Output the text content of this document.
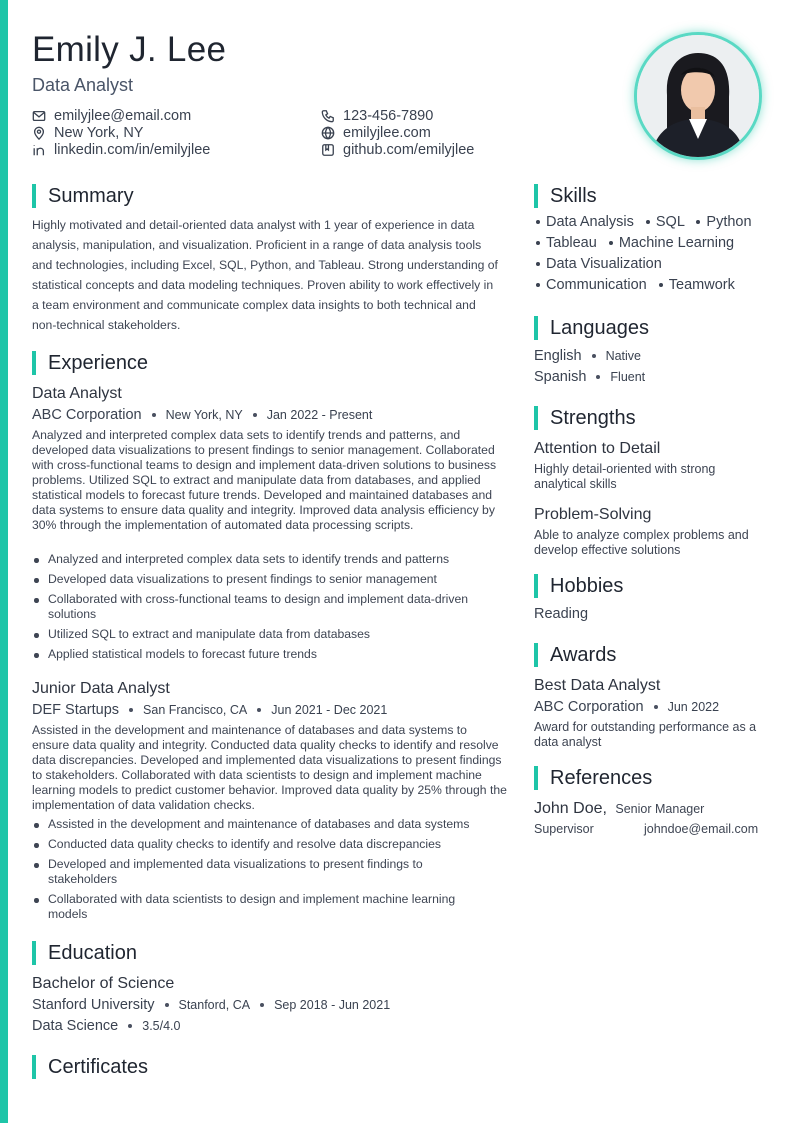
Emily J. Lee
Data Analyst
emilyjlee@email.com	123-456-7890
New York, NY	emilyjlee.com
linkedin.com/in/emilyjlee	github.com/emilyjlee
Summary
Highly motivated and detail-oriented data analyst with 1 year of experience in data analysis, manipulation, and visualization. Proficient in a range of data analysis tools and technologies, including Excel, SQL, Python, and Tableau. Strong understanding of statistical concepts and data modeling techniques. Proven ability to work effectively in a team environment and communicate complex data insights to both technical and non-technical stakeholders.
Experience
Data Analyst
ABC Corporation New York, NY Jan 2022 - Present
Analyzed and interpreted complex data sets to identify trends and patterns, and developed data visualizations to present findings to senior management. Collaborated with cross-functional teams to design and implement data-driven solutions to business problems. Utilized SQL to extract and manipulate data from databases, and applied statistical models to forecast future trends. Developed and maintained databases and data systems to ensure data quality and integrity. Improved data analysis efficiency by 30% through the implementation of automated data processing scripts.
Analyzed and interpreted complex data sets to identify trends and patterns
Developed data visualizations to present findings to senior management
Collaborated with cross-functional teams to design and implement data-driven solutions
Utilized SQL to extract and manipulate data from databases
Applied statistical models to forecast future trends
Junior Data Analyst
DEF Startups San Francisco, CA Jun 2021 - Dec 2021
Assisted in the development and maintenance of databases and data systems to ensure data quality and integrity. Conducted data quality checks to identify and resolve data discrepancies. Developed and implemented data visualizations to present findings to stakeholders. Collaborated with data scientists to design and implement machine learning models to predict customer behavior. Improved data quality by 25% through the implementation of data validation checks.
Assisted in the development and maintenance of databases and data systems
Conducted data quality checks to identify and resolve data discrepancies
Developed and implemented data visualizations to present findings to stakeholders
Collaborated with data scientists to design and implement machine learning models
Education
Bachelor of Science
Stanford University Stanford, CA Sep 2018 - Jun 2021
Data Science 3.5/4.0
Certificates
Skills
Data Analysis SQL Python
Tableau Machine Learning
Data Visualization
Communication Teamwork
Languages
English Native
Spanish Fluent
Strengths
Attention to Detail
Highly detail-oriented with strong analytical skills
Problem-Solving
Able to analyze complex problems and develop effective solutions
Hobbies
Reading
Awards
Best Data Analyst
ABC Corporation Jun 2022
Award for outstanding performance as a data analyst
References
John Doe, Senior Manager
Supervisor	johndoe@email.com
